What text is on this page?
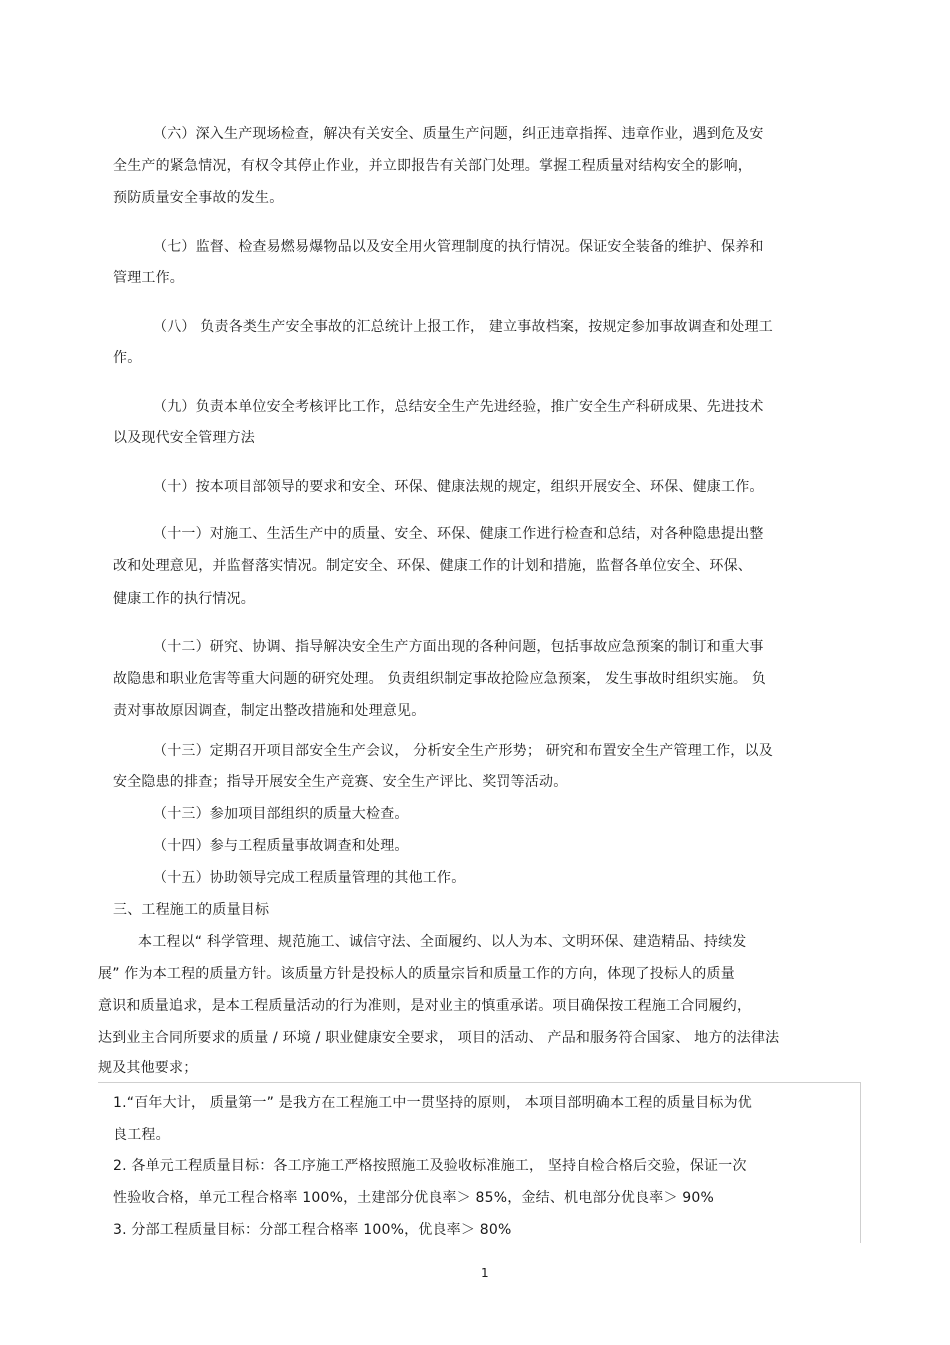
（六）深入生产现场检查，解决有关安全、质量生产问题，纠正违章指挥、违章作业，遇到危及安

全生产的紧急情况，有权令其停止作业，并立即报告有关部门处理。掌握工程质量对结构安全的影响，

预防质量安全事故的发生。

（七）监督、检查易燃易爆物品以及安全用火管理制度的执行情况。保证安全装备的维护、保养和

管理工作。

（八） 负责各类生产安全事故的汇总统计上报工作， 建立事故档案，按规定参加事故调查和处理工

作。

（九）负责本单位安全考核评比工作，总结安全生产先进经验，推广安全生产科研成果、先进技术

以及现代安全管理方法

（十）按本项目部领导的要求和安全、环保、健康法规的规定，组织开展安全、环保、健康工作。

（十一）对施工、生活生产中的质量、安全、环保、健康工作进行检查和总结，对各种隐患提出整

改和处理意见，并监督落实情况。制定安全、环保、健康工作的计划和措施，监督各单位安全、环保、

健康工作的执行情况。

（十二）研究、协调、指导解决安全生产方面出现的各种问题，包括事故应急预案的制订和重大事

故隐患和职业危害等重大问题的研究处理。 负责组织制定事故抢险应急预案， 发生事故时组织实施。 负

责对事故原因调查，制定出整改措施和处理意见。

（十三）定期召开项目部安全生产会议， 分析安全生产形势； 研究和布置安全生产管理工作，以及

安全隐患的排查；指导开展安全生产竞赛、安全生产评比、奖罚等活动。

（十三）参加项目部组织的质量大检查。

（十四）参与工程质量事故调查和处理。

（十五）协助领导完成工程质量管理的其他工作。

三、工程施工的质量目标

本工程以“ 科学管理、规范施工、诚信守法、全面履约、以人为本、文明环保、建造精品、持续发

展” 作为本工程的质量方针。该质量方针是投标人的质量宗旨和质量工作的方向，体现了投标人的质量

意识和质量追求，是本工程质量活动的行为准则，是对业主的慎重承诺。项目确保按工程施工合同履约，

达到业主合同所要求的质量 / 环境 / 职业健康安全要求， 项目的活动、 产品和服务符合国家、 地方的法律法

规及其他要求；

1.“百年大计， 质量第一” 是我方在工程施工中一贯坚持的原则， 本项目部明确本工程的质量目标为优

良工程。

2. 各单元工程质量目标：各工序施工严格按照施工及验收标准施工， 坚持自检合格后交验，保证一次

性验收合格，单元工程合格率 100%，土建部分优良率＞ 85%，金结、机电部分优良率＞ 90%

3. 分部工程质量目标：分部工程合格率 100%，优良率＞ 80%

1
